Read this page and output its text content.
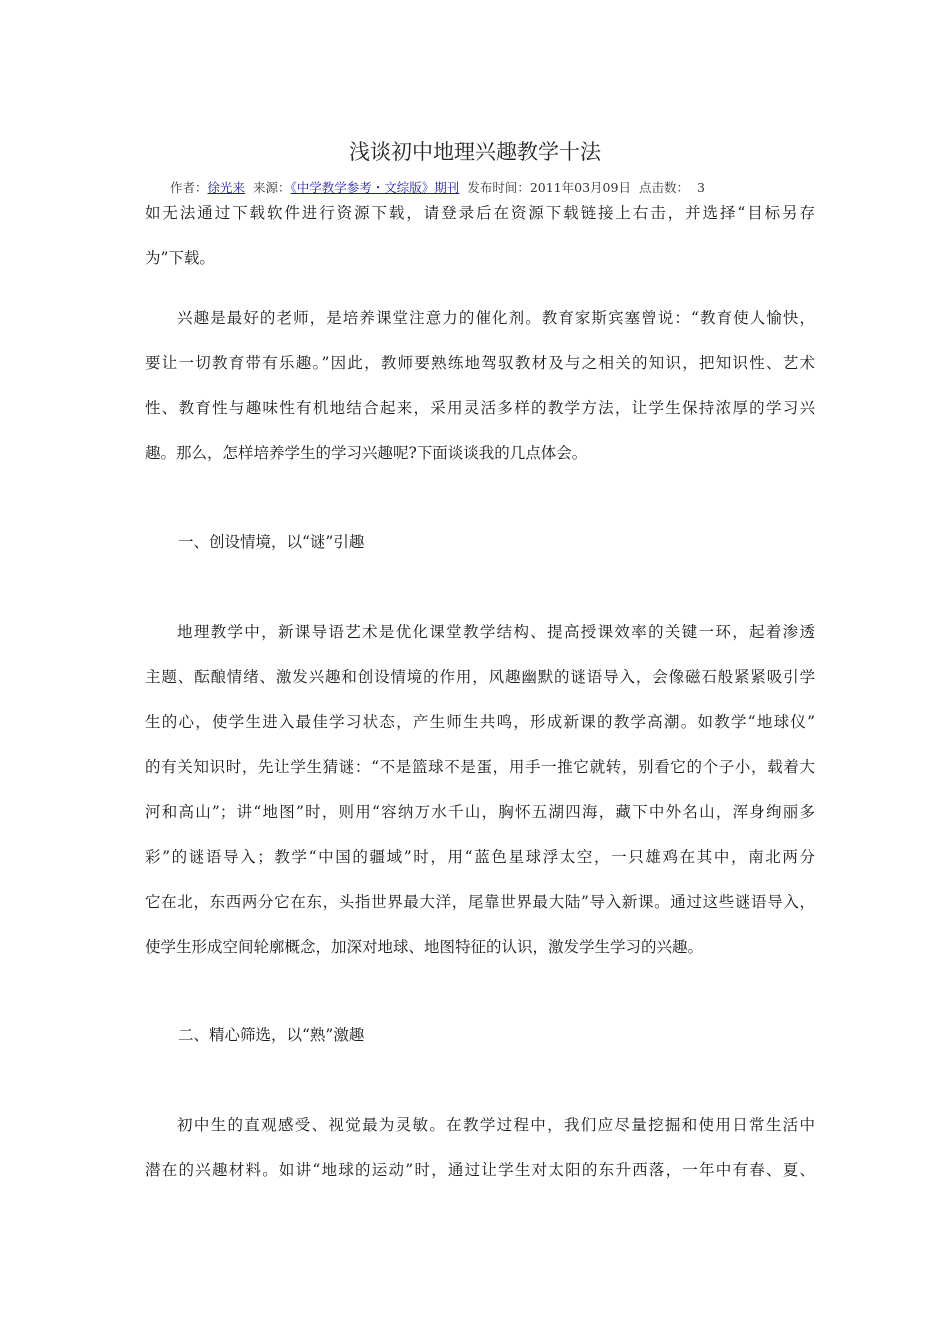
浅谈初中地理兴趣教学十法
作者：徐光来 来源：《中学教学参考・文综版》期刊 发布时间：2011年03月09日 点击数： 3
如无法通过下载软件进行资源下载，请登录后在资源下载链接上右击，并选择“目标另存
为”下载。
兴趣是最好的老师，是培养课堂注意力的催化剂。教育家斯宾塞曾说：“教育使人愉快，
要让一切教育带有乐趣。”因此，教师要熟练地驾驭教材及与之相关的知识，把知识性、艺术
性、教育性与趣味性有机地结合起来，采用灵活多样的教学方法，让学生保持浓厚的学习兴
趣。那么，怎样培养学生的学习兴趣呢?下面谈谈我的几点体会。
一、创设情境，以“谜”引趣
地理教学中，新课导语艺术是优化课堂教学结构、提高授课效率的关键一环，起着渗透
主题、酝酿情绪、激发兴趣和创设情境的作用，风趣幽默的谜语导入，会像磁石般紧紧吸引学
生的心，使学生进入最佳学习状态，产生师生共鸣，形成新课的教学高潮。如教学“地球仪”
的有关知识时，先让学生猜谜：“不是篮球不是蛋，用手一推它就转，别看它的个子小，载着大
河和高山”；讲“地图”时，则用“容纳万水千山，胸怀五湖四海，藏下中外名山，浑身绚丽多
彩”的谜语导入；教学“中国的疆域”时，用“蓝色星球浮太空，一只雄鸡在其中，南北两分
它在北，东西两分它在东，头指世界最大洋，尾靠世界最大陆”导入新课。通过这些谜语导入，
使学生形成空间轮廓概念，加深对地球、地图特征的认识，激发学生学习的兴趣。
二、精心筛选，以“熟”激趣
初中生的直观感受、视觉最为灵敏。在教学过程中，我们应尽量挖掘和使用日常生活中
潜在的兴趣材料。如讲“地球的运动”时，通过让学生对太阳的东升西落，一年中有春、夏、
